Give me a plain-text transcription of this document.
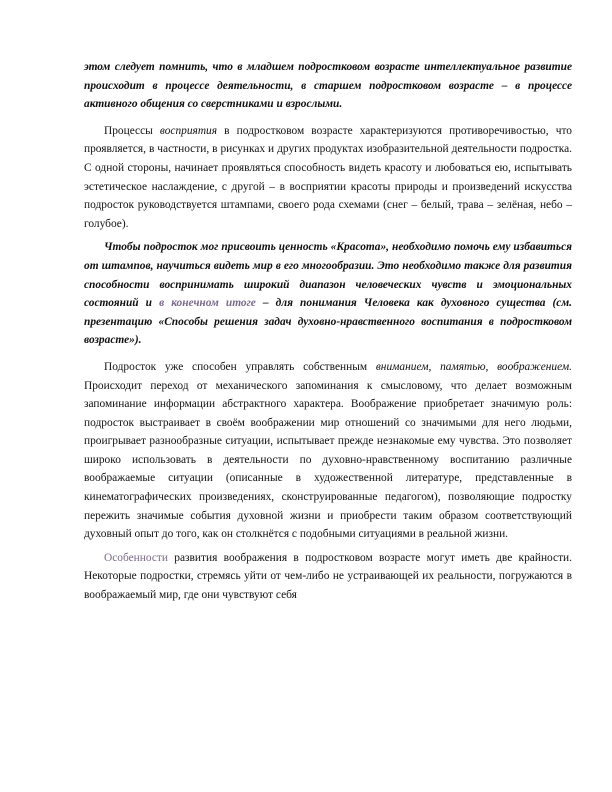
этом следует помнить, что в младшем подростковом возрасте интеллектуальное развитие происходит в процессе деятельности, в старшем подростковом возрасте – в процессе активного общения со сверстниками и взрослыми.

Процессы восприятия в подростковом возрасте характеризуются противоречивостью, что проявляется, в частности, в рисунках и других продуктах изобразительной деятельности подростка. С одной стороны, начинает проявляться способность видеть красоту и любоваться ею, испытывать эстетическое наслаждение, с другой – в восприятии красоты природы и произведений искусства подросток руководствуется штампами, своего рода схемами (снег – белый, трава – зелёная, небо – голубое).

Чтобы подросток мог присвоить ценность «Красота», необходимо помочь ему избавиться от штампов, научиться видеть мир в его многообразии. Это необходимо также для развития способности воспринимать широкий диапазон человеческих чувств и эмоциональных состояний и в конечном итоге – для понимания Человека как духовного существа (см. презентацию «Способы решения задач духовно-нравственного воспитания в подростковом возрасте»).

Подросток уже способен управлять собственным вниманием, памятью, воображением. Происходит переход от механического запоминания к смысловому, что делает возможным запоминание информации абстрактного характера. Воображение приобретает значимую роль: подросток выстраивает в своём воображении мир отношений со значимыми для него людьми, проигрывает разнообразные ситуации, испытывает прежде незнакомые ему чувства. Это позволяет широко использовать в деятельности по духовно-нравственному воспитанию различные воображаемые ситуации (описанные в художественной литературе, представленные в кинематографических произведениях, сконструированные педагогом), позволяющие подростку пережить значимые события духовной жизни и приобрести таким образом соответствующий духовный опыт до того, как он столкнётся с подобными ситуациями в реальной жизни.

Особенности развития воображения в подростковом возрасте могут иметь две крайности. Некоторые подростки, стремясь уйти от чем-либо не устраивающей их реальности, погружаются в воображаемый мир, где они чувствуют себя
